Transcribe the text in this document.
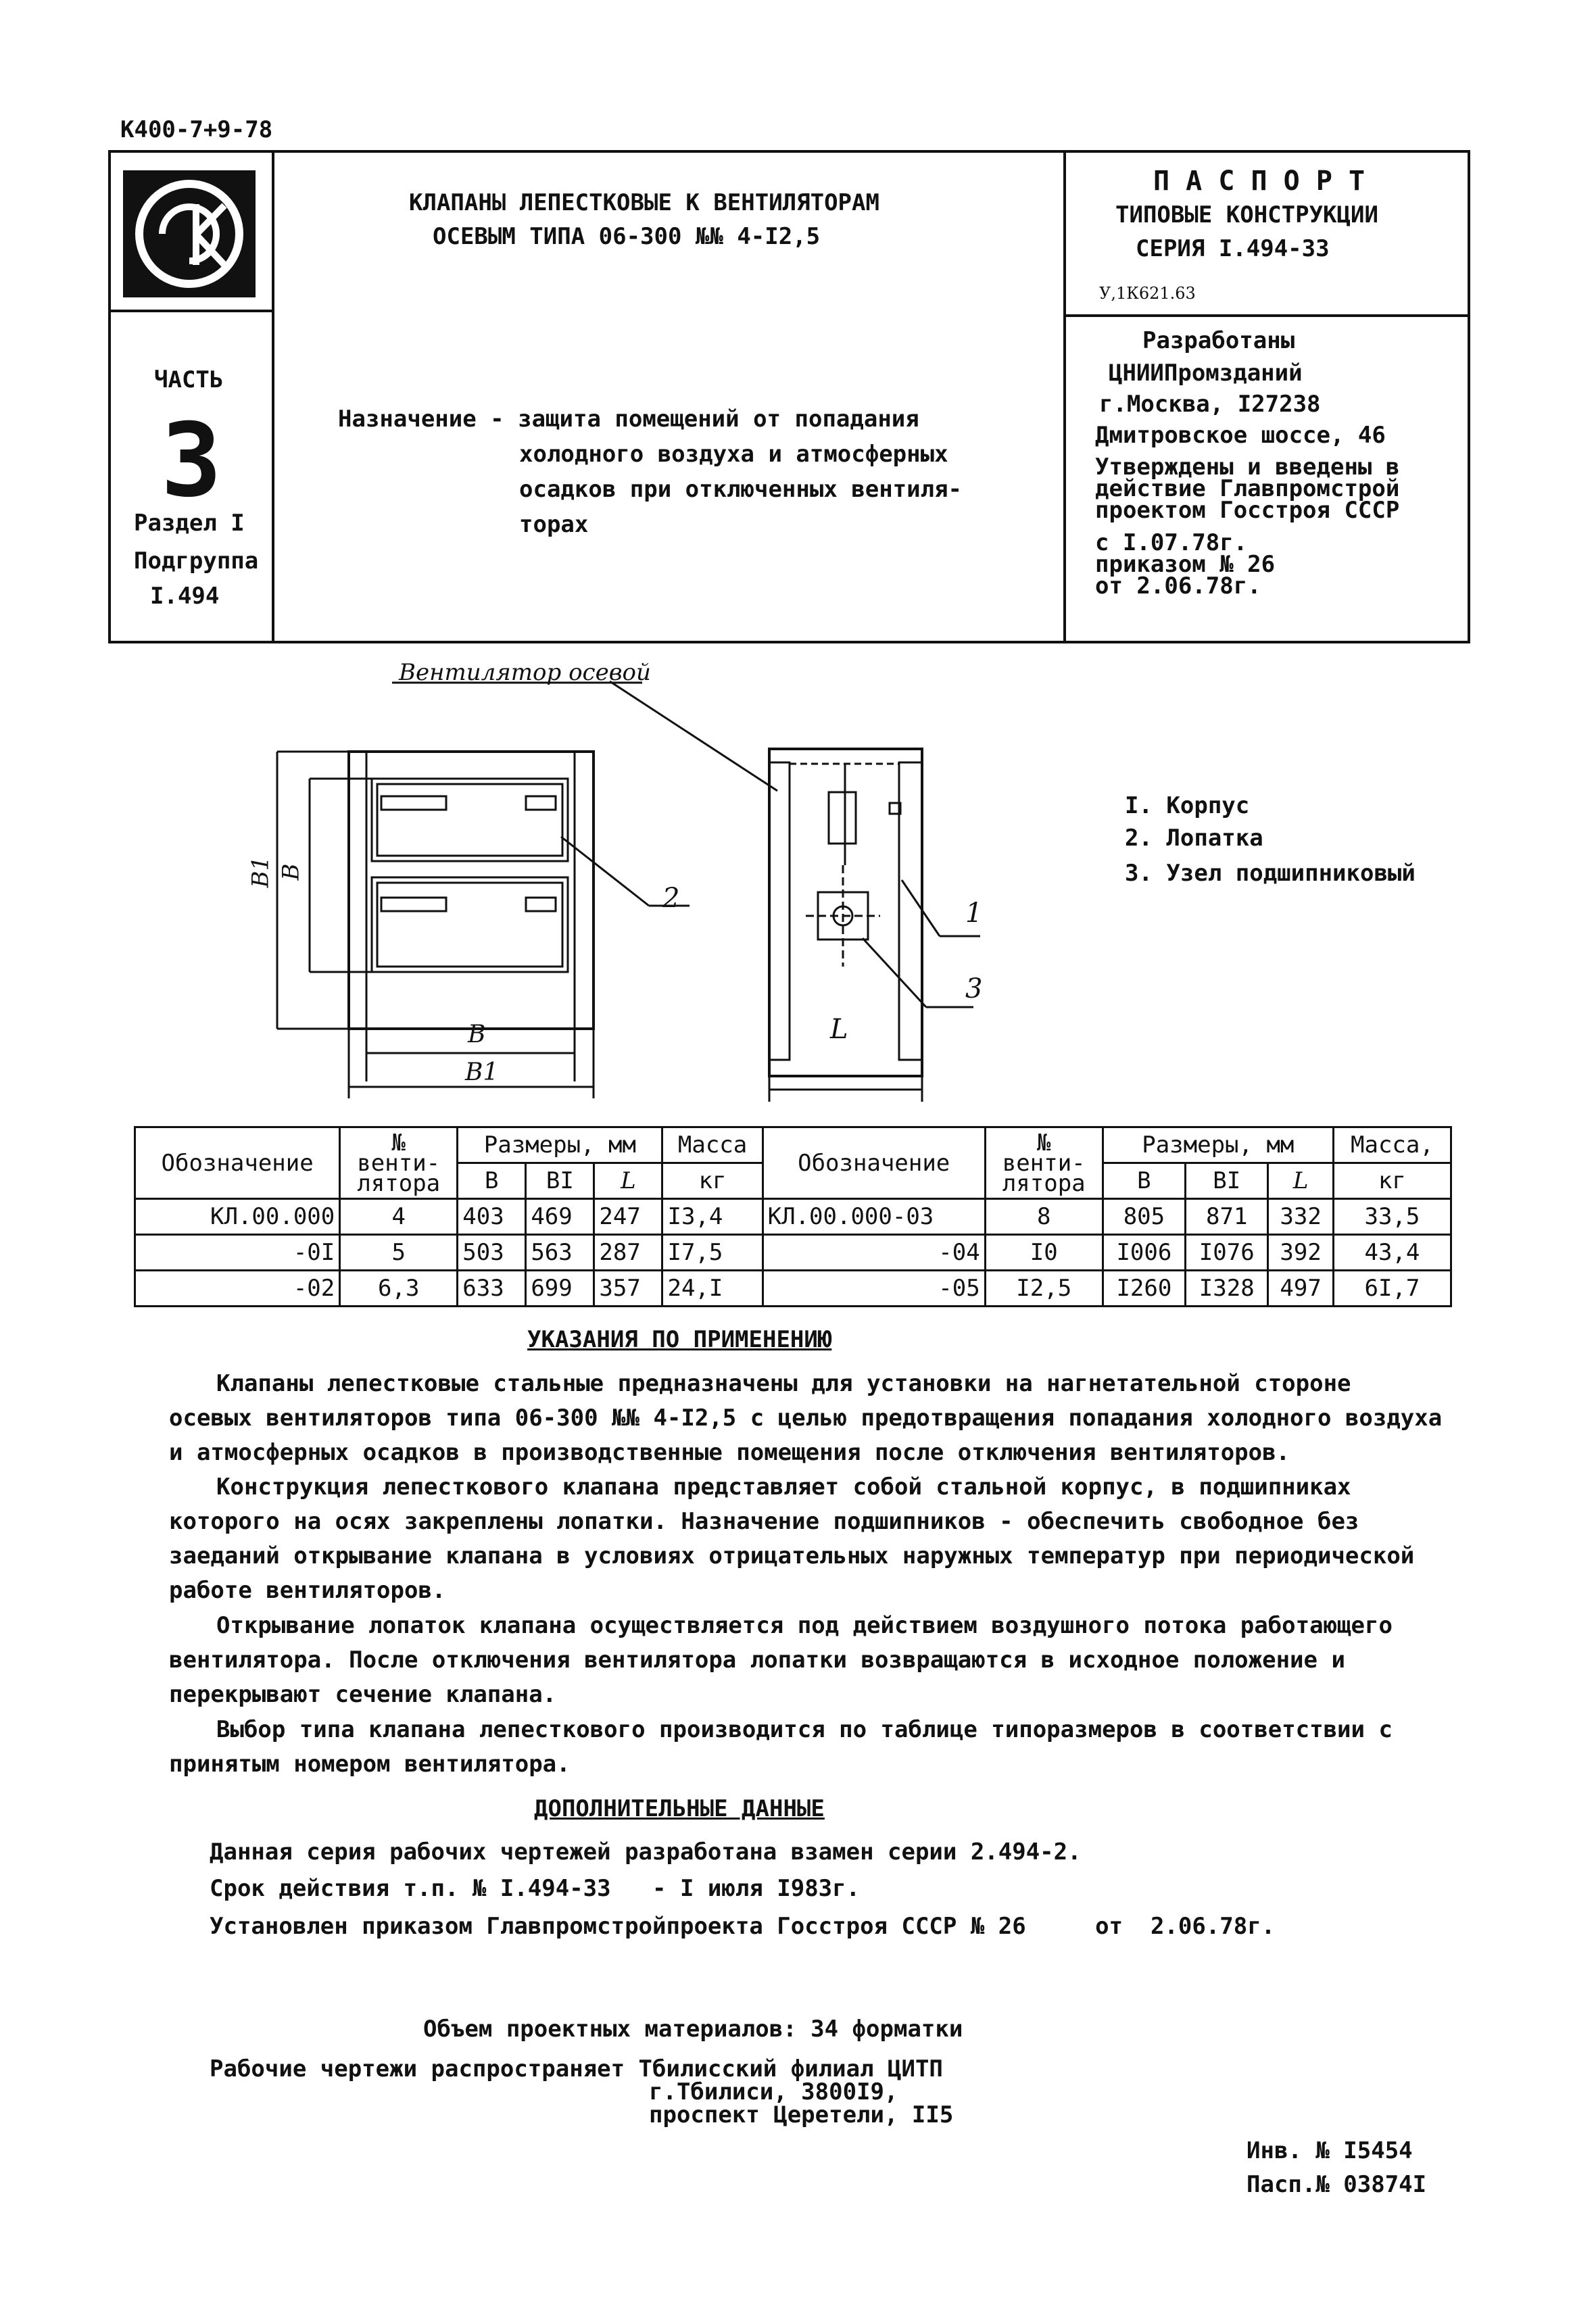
К400-7+9-78
ЧАСТЬ
3
Раздел I
Подгруппа
I.494
КЛАПАНЫ ЛЕПЕСТКОВЫЕ К ВЕНТИЛЯТОРАМ
ОСЕВЫМ ТИПА 06-300 №№ 4-I2,5
Назначение - защита помещений от попадания
холодного воздуха и атмосферных
осадков при отключенных вентиля-
торах
П А С П О Р Т
ТИПОВЫЕ КОНСТРУКЦИИ
СЕРИЯ I.494-33
У,1К621.63
Разработаны
ЦНИИПромзданий
г.Москва, I27238
Дмитровское шоссе, 46
Утверждены и введены в
действие Главпромстрой
проектом Госстроя СССР
с I.07.78г.
приказом № 26
от 2.06.78г.
Вентилятор осевой
B1 B
B
B1
L
1
2
3
I. Корпус
2. Лопатка
3. Узел подшипниковый
Обозначение	№
венти-
лятора	Размеры, мм			Масса	Обозначение	№
венти-
лятора	Размеры, мм			Масса,
		B	BI	L	кг			B	BI	L	кг
КЛ.00.000	4	403	469	247	I3,4	КЛ.00.000-03	8	805	871	332	33,5
-0I	5	503	563	287	I7,5	-04	I0	I006	I076	392	43,4
-02	6,3	633	699	357	24,I	-05	I2,5	I260	I328	497	6I,7
УКАЗАНИЯ ПО ПРИМЕНЕНИЮ
Клапаны лепестковые стальные предназначены для установки на нагнетательной стороне осевых вентиляторов типа 06-300 №№ 4-I2,5 с целью предотвращения попадания холодного воздуха и атмосферных осадков в производственные помещения после отключения вентиляторов.
Конструкция лепесткового клапана представляет собой стальной корпус, в подшипниках которого на осях закреплены лопатки. Назначение подшипников - обеспечить свободное без заеданий открывание клапана в условиях отрицательных наружных температур при периодической работе вентиляторов.
Открывание лопаток клапана осуществляется под действием воздушного потока работающего вентилятора. После отключения вентилятора лопатки возвращаются в исходное положение и перекрывают сечение клапана.
Выбор типа клапана лепесткового производится по таблице типоразмеров в соответствии с принятым номером вентилятора.
ДОПОЛНИТЕЛЬНЫЕ ДАННЫЕ
Данная серия рабочих чертежей разработана взамен серии 2.494-2.
Срок действия т.п. № I.494-33   - I июля I983г.
Установлен приказом Главпромстройпроекта Госстроя СССР № 26     от  2.06.78г.
Объем проектных материалов: 34 форматки
Рабочие чертежи распространяет Тбилисский филиал ЦИТП
г.Тбилиси, 3800I9,
проспект Церетели, II5
Инв. № I5454
Пасп.№ 03874I
